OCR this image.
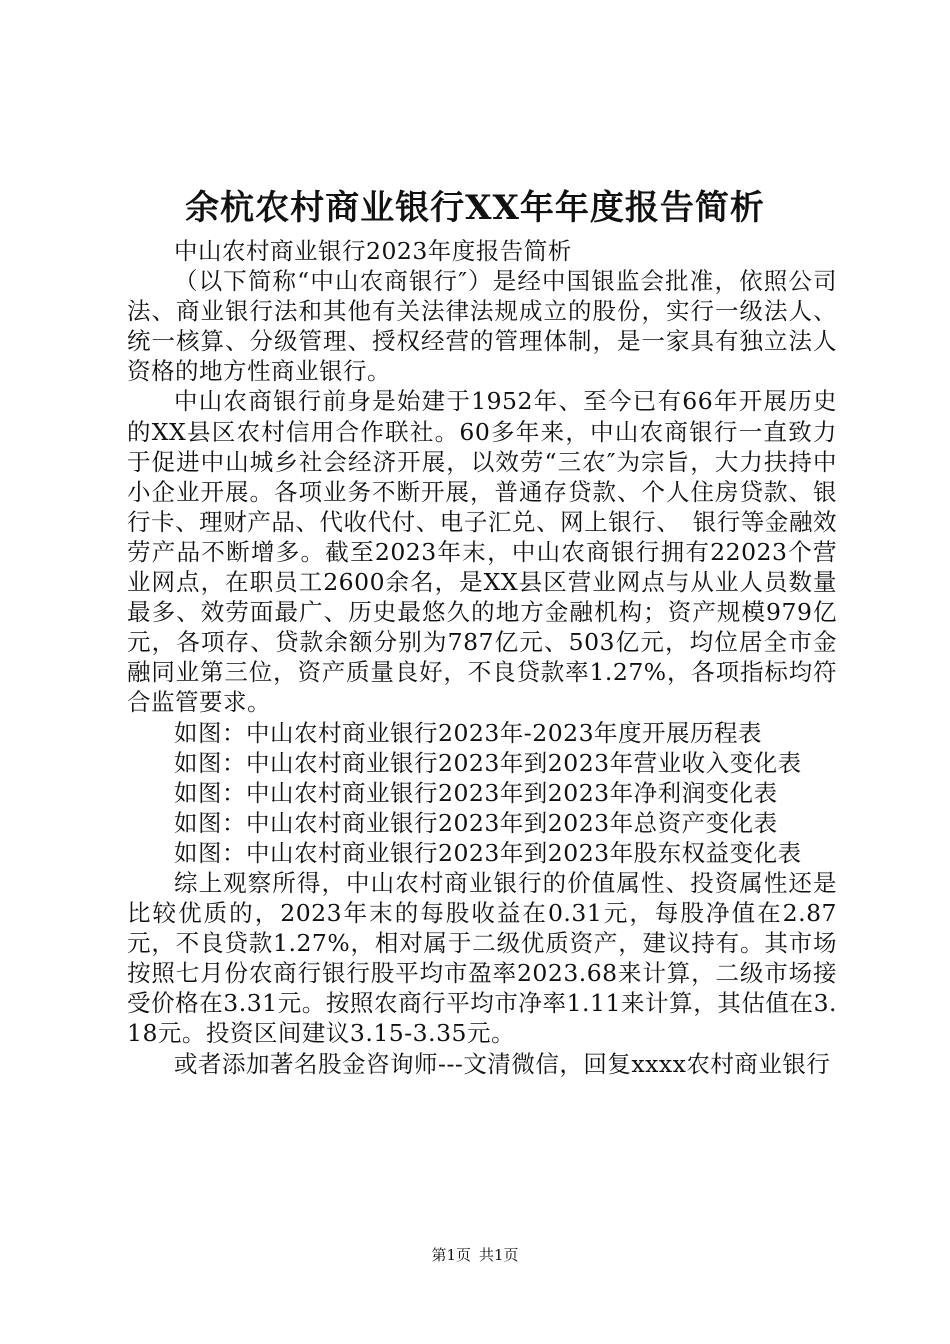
余杭农村商业银行XX年年度报告简析

中山农村商业银行2023年度报告简析

（以下简称“中山农商银行″）是经中国银监会批准，依照公司法、商业银行法和其他有关法律法规成立的股份，实行一级法人、统一核算、分级管理、授权经营的管理体制，是一家具有独立法人资格的地方性商业银行。

中山农商银行前身是始建于1952年、至今已有66年开展历史的XX县区农村信用合作联社。60多年来，中山农商银行一直致力于促进中山城乡社会经济开展，以效劳“三农″为宗旨，大力扶持中小企业开展。各项业务不断开展，普通存贷款、个人住房贷款、银行卡、理财产品、代收代付、电子汇兑、网上银行、　银行等金融效劳产品不断增多。截至2023年末，中山农商银行拥有22023个营业网点，在职员工2600余名，是XX县区营业网点与从业人员数量最多、效劳面最广、历史最悠久的地方金融机构；资产规模979亿元，各项存、贷款余额分别为787亿元、503亿元，均位居全市金融同业第三位，资产质量良好，不良贷款率1.27%，各项指标均符合监管要求。

如图：中山农村商业银行2023年-2023年度开展历程表

如图：中山农村商业银行2023年到2023年营业收入变化表

如图：中山农村商业银行2023年到2023年净利润变化表

如图：中山农村商业银行2023年到2023年总资产变化表

如图：中山农村商业银行2023年到2023年股东权益变化表

综上观察所得，中山农村商业银行的价值属性、投资属性还是比较优质的，2023年末的每股收益在0.31元，每股净值在2.87元，不良贷款1.27%，相对属于二级优质资产，建议持有。其市场按照七月份农商行银行股平均市盈率2023.68来计算，二级市场接受价格在3.31元。按照农商行平均市净率1.11来计算，其估值在3.18元。投资区间建议3.15-3.35元。

或者添加著名股金咨询师---文清微信，回复xxxx农村商业银行

第1页 共1页
